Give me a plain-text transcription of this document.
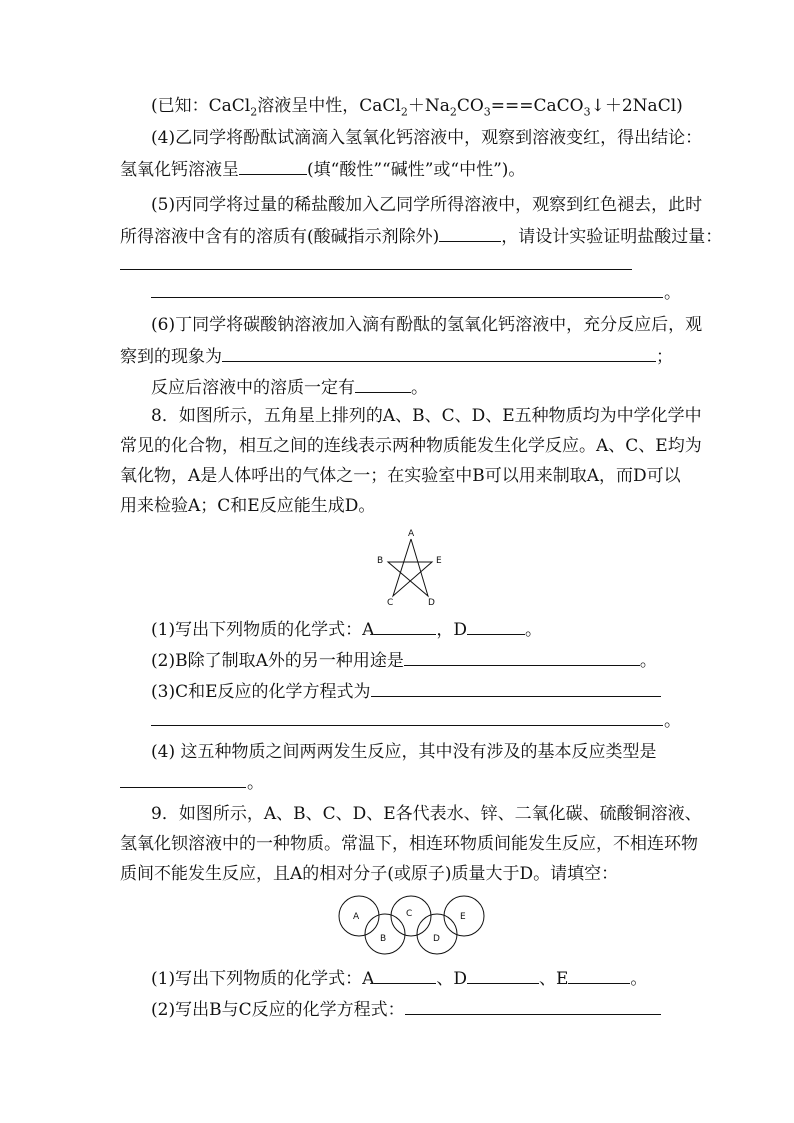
(已知：CaCl$_2$溶液呈中性，$CaCl_2+Na_2CO_3===CaCO_3↓+2NaCl$)
(4)乙同学将酚酞试滴滴入氢氧化钙溶液中，观察到溶液变红，得出结论：
氢氧化钙溶液呈	(填“酸性”“碱性”或“中性”)。
(5)丙同学将过量的稀盐酸加入乙同学所得溶液中，观察到红色褪去，此时
所得溶液中含有的溶质有(酸碱指示剂除外)	，请设计实验证明盐酸过量：
。
(6)丁同学将碳酸钠溶液加入滴有酚酞的氢氧化钙溶液中，充分反应后，观
察到的现象为	；
反应后溶液中的溶质一定有	。
8．如图所示，五角星上排列的A、B、C、D、E五种物质均为中学化学中
常见的化合物，相互之间的连线表示两种物质能发生化学反应。A、C、E均为
氧化物，A是人体呼出的气体之一；在实验室中B可以用来制取A，而D可以
用来检验A；C和E反应能生成D。
A
B	E
C	D
(1)写出下列物质的化学式：A	，D	。
(2)B除了制取A外的另一种用途是	。
(3)C和E反应的化学方程式为
。
(4) 这五种物质之间两两发生反应，其中没有涉及的基本反应类型是
。
9．如图所示，A、B、C、D、E各代表水、锌、二氧化碳、硫酸铜溶液、
氢氧化钡溶液中的一种物质。常温下，相连环物质间能发生反应，不相连环物
质间不能发生反应，且A的相对分子(或原子)质量大于D。请填空：
A
B
C
D
E
(1)写出下列物质的化学式：A	、D	、E	。
(2)写出B与C反应的化学方程式：
